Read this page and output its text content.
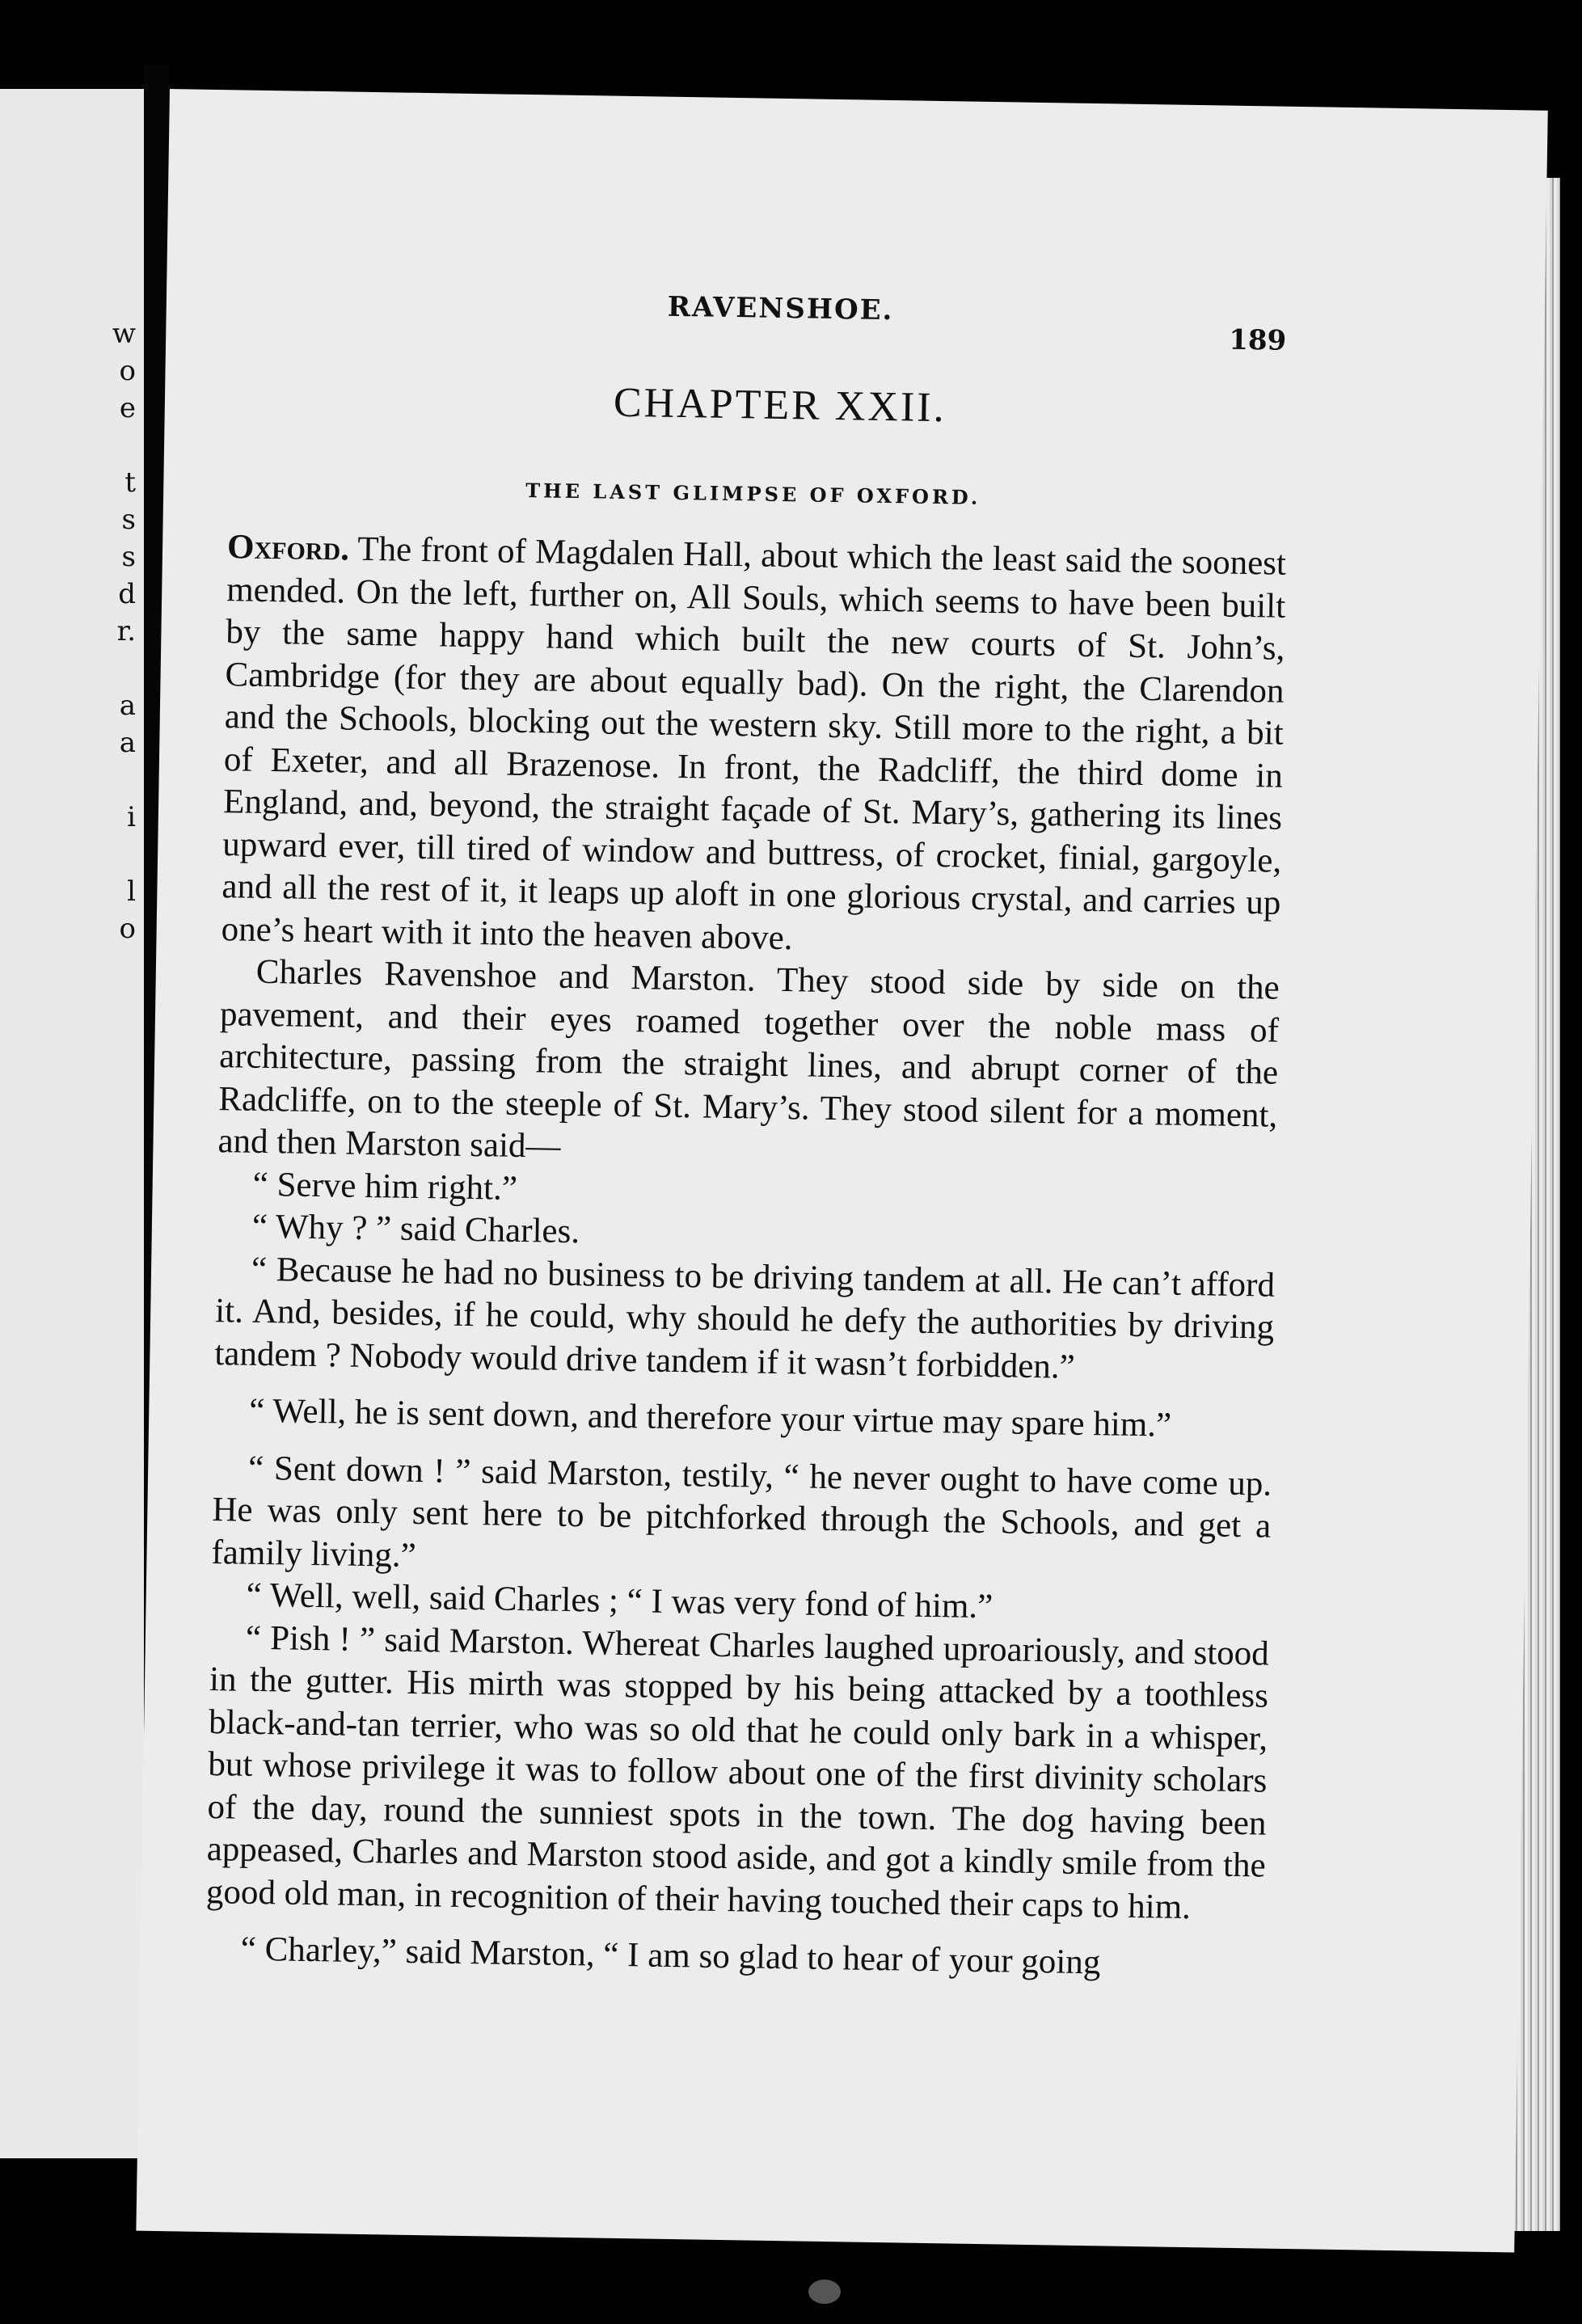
w
o
e
t
s
s
d
r.
a
a
i
l
o
RAVENSHOE.
189
CHAPTER XXII.
THE LAST GLIMPSE OF OXFORD.

Oxford. The front of Magdalen Hall, about which the least said the soonest mended. On the left, further on, All Souls, which seems to have been built by the same happy hand which built the new courts of St. John’s, Cambridge (for they are about equally bad). On the right, the Clarendon and the Schools, blocking out the western sky. Still more to the right, a bit of Exeter, and all Brazenose. In front, the Radcliff, the third dome in England, and, beyond, the straight façade of St. Mary’s, gathering its lines upward ever, till tired of window and buttress, of crocket, finial, gargoyle, and all the rest of it, it leaps up aloft in one glorious crystal, and carries up one’s heart with it into the heaven above.

Charles Ravenshoe and Marston. They stood side by side on the pavement, and their eyes roamed together over the noble mass of architecture, passing from the straight lines, and abrupt corner of the Radcliffe, on to the steeple of St. Mary’s. They stood silent for a moment, and then Marston said—

“ Serve him right.”

“ Why ? ” said Charles.

“ Because he had no business to be driving tandem at all. He can’t afford it. And, besides, if he could, why should he defy the authorities by driving tandem ? Nobody would drive tandem if it wasn’t forbidden.”

“ Well, he is sent down, and therefore your virtue may spare him.”

“ Sent down ! ” said Marston, testily, “ he never ought to have come up. He was only sent here to be pitchforked through the Schools, and get a family living.”

“ Well, well, said Charles ; “ I was very fond of him.”

“ Pish ! ” said Marston. Whereat Charles laughed uproariously, and stood in the gutter. His mirth was stopped by his being attacked by a toothless black-and-tan terrier, who was so old that he could only bark in a whisper, but whose privilege it was to follow about one of the first divinity scholars of the day, round the sunniest spots in the town. The dog having been appeased, Charles and Marston stood aside, and got a kindly smile from the good old man, in recognition of their having touched their caps to him.

“ Charley,” said Marston, “ I am so glad to hear of your going
